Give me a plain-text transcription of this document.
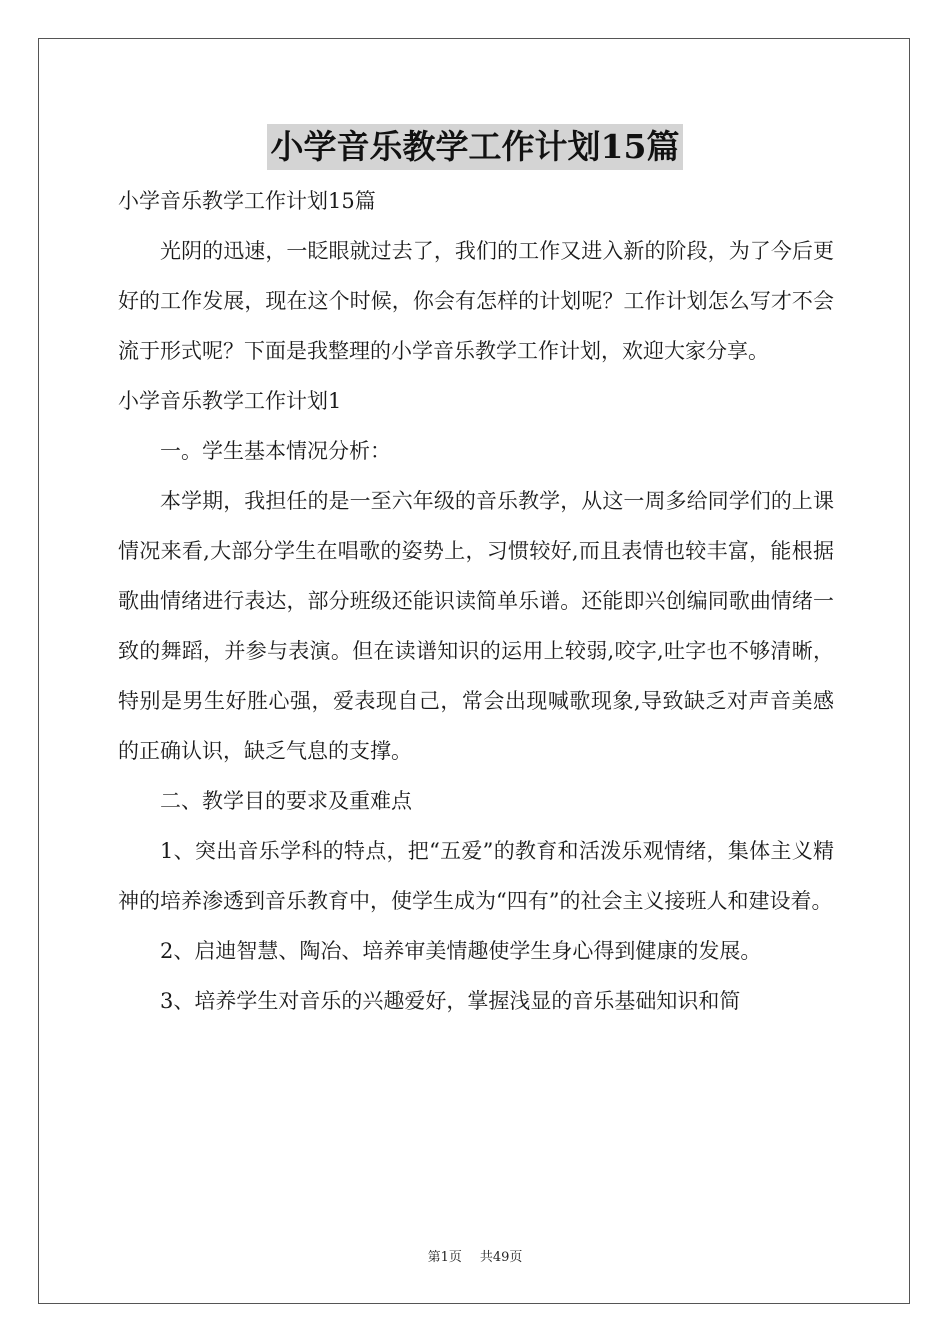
小学音乐教学工作计划15篇

小学音乐教学工作计划15篇

光阴的迅速，一眨眼就过去了，我们的工作又进入新的阶段，为了今后更好的工作发展，现在这个时候，你会有怎样的计划呢？工作计划怎么写才不会流于形式呢？下面是我整理的小学音乐教学工作计划，欢迎大家分享。

小学音乐教学工作计划1

一。学生基本情况分析：

本学期，我担任的是一至六年级的音乐教学，从这一周多给同学们的上课情况来看,大部分学生在唱歌的姿势上，习惯较好,而且表情也较丰富，能根据歌曲情绪进行表达，部分班级还能识读简单乐谱。还能即兴创编同歌曲情绪一致的舞蹈，并参与表演。但在读谱知识的运用上较弱,咬字,吐字也不够清晰，特别是男生好胜心强，爱表现自己，常会出现喊歌现象,导致缺乏对声音美感的正确认识，缺乏气息的支撑。

二、教学目的要求及重难点

1、突出音乐学科的特点，把“五爱”的教育和活泼乐观情绪，集体主义精神的培养渗透到音乐教育中，使学生成为“四有”的社会主义接班人和建设着。

2、启迪智慧、陶冶、培养审美情趣使学生身心得到健康的发展。

3、培养学生对音乐的兴趣爱好，掌握浅显的音乐基础知识和简

第1页 共49页
